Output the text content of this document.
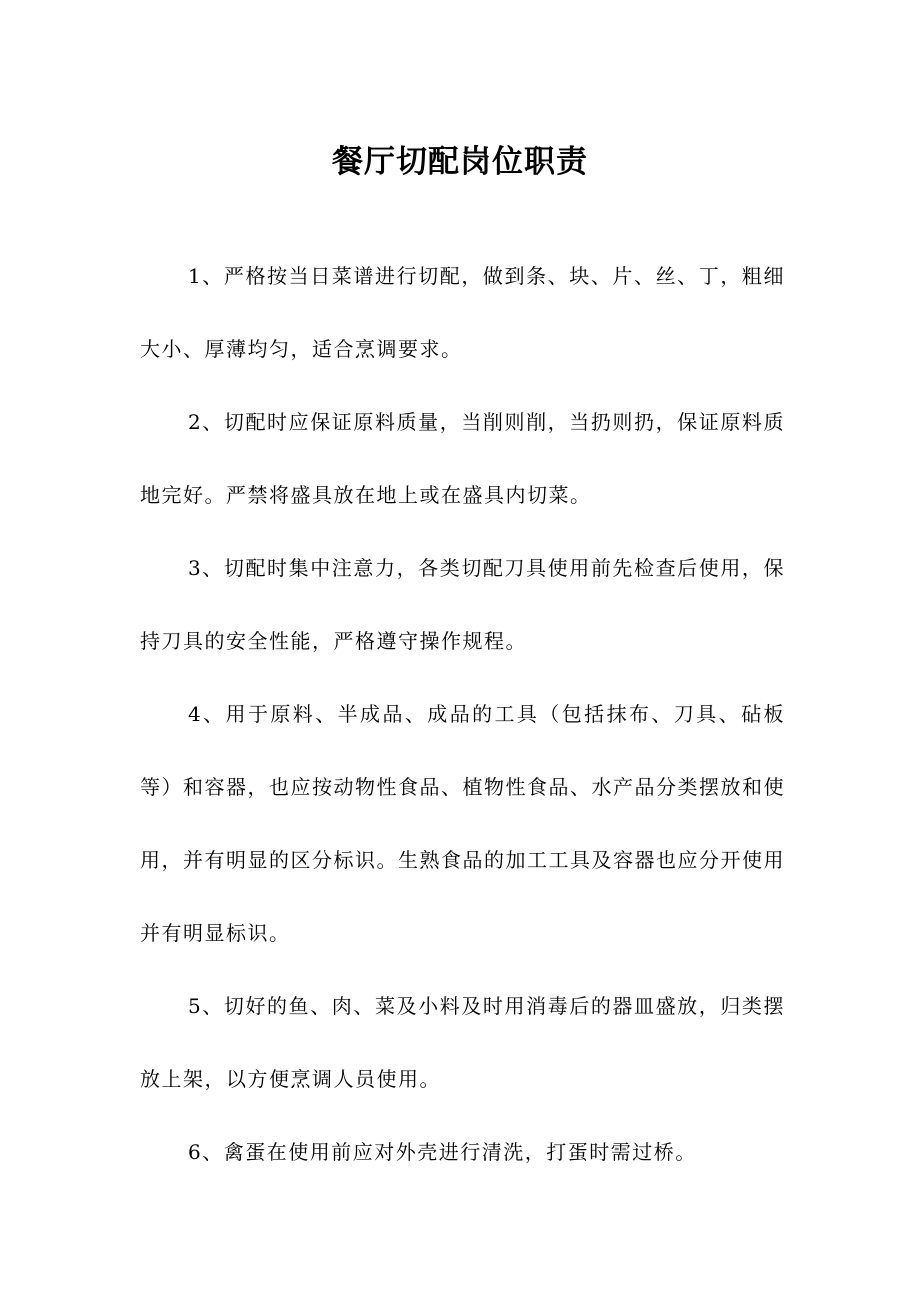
餐厅切配岗位职责

1、严格按当日菜谱进行切配，做到条、块、片、丝、丁，粗细大小、厚薄均匀，适合烹调要求。

2、切配时应保证原料质量，当削则削，当扔则扔，保证原料质地完好。严禁将盛具放在地上或在盛具内切菜。

3、切配时集中注意力，各类切配刀具使用前先检查后使用，保持刀具的安全性能，严格遵守操作规程。

4、用于原料、半成品、成品的工具（包括抹布、刀具、砧板等）和容器，也应按动物性食品、植物性食品、水产品分类摆放和使用，并有明显的区分标识。生熟食品的加工工具及容器也应分开使用并有明显标识。

5、切好的鱼、肉、菜及小料及时用消毒后的器皿盛放，归类摆放上架，以方便烹调人员使用。

6、禽蛋在使用前应对外壳进行清洗，打蛋时需过桥。
